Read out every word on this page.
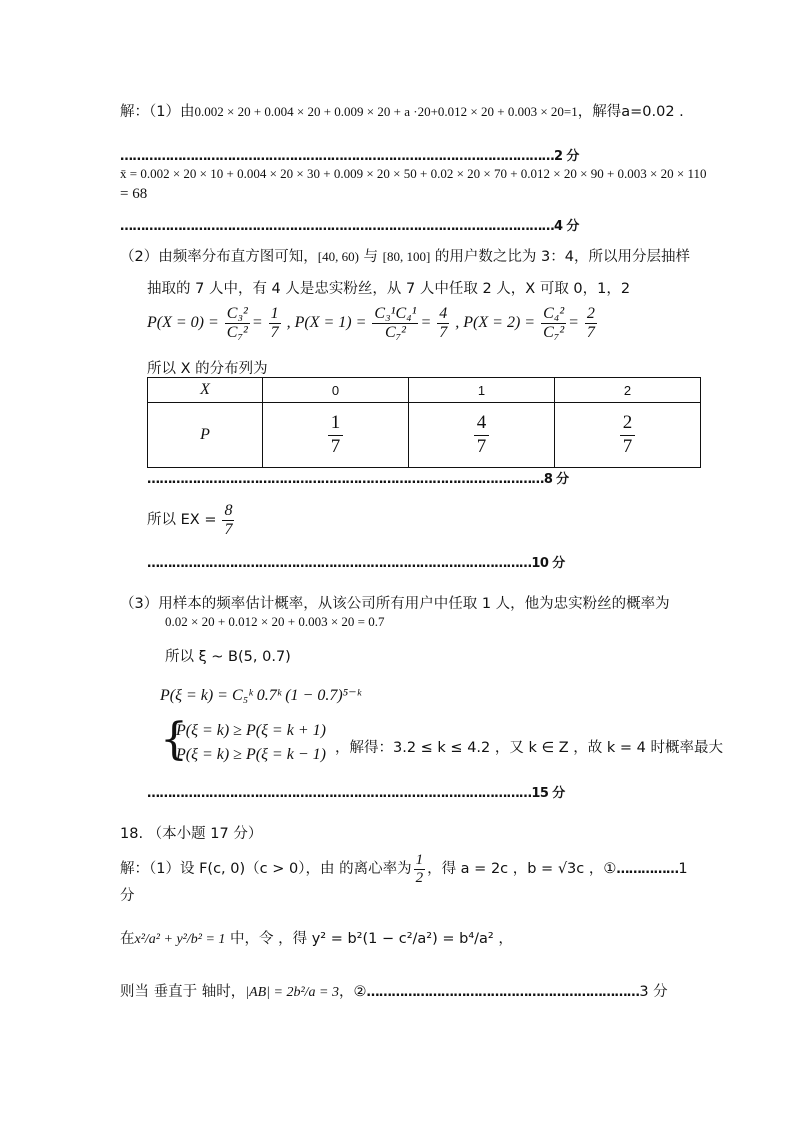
解：（1）由0.002 × 20 + 0.004 × 20 + 0.009 × 20 + a ·20+0.012 × 20 + 0.003 × 20=1，解得a=0.02 .
……………………………………………………………………………………………2 分
x̄ = 0.002 × 20 × 10 + 0.004 × 20 × 30 + 0.009 × 20 × 50 + 0.02 × 20 × 70 + 0.012 × 20 × 90 + 0.003 × 20 × 110
= 68
……………………………………………………………………………………………4 分
（2）由频率分布直方图可知，[40, 60) 与 [80, 100] 的用户数之比为 3：4，所以用分层抽样
抽取的 7 人中，有 4 人是忠实粉丝，从 7 人中任取 2 人，X 可取 0，1，2
$P(X = 0) = \frac{\text{C₃²}}{\text{C₇²}} = \frac{1}{7}$ , $P(X = 1) = \frac{\text{C₃¹C₄¹}}{\text{C₇²}} = \frac{4}{7}$ , $P(X = 2) = \frac{\text{C₄²}}{\text{C₇²}} = \frac{2}{7}$
所以 X 的分布列为
X	0	1	2
P	$\frac{1}{7}$	$\frac{4}{7}$	$\frac{2}{7}$
……………………………………………………………………………………8 分
所以 EX = $\frac{8}{7}$
…………………………………………………………………………………10 分
（3）用样本的频率估计概率，从该公司所有用户中任取 1 人，他为忠实粉丝的概率为
0.02 × 20 + 0.012 × 20 + 0.003 × 20 = 0.7
所以 ξ ~ B(5, 0.7)
P(ξ = k) = C₅ᵏ 0.7ᵏ (1 − 0.7)⁵⁻ᵏ
{
P(ξ = k) ≥ P(ξ = k + 1)
P(ξ = k) ≥ P(ξ = k − 1) ，解得：3.2 ≤ k ≤ 4.2 ，又 k ∈ Z ，故 k = 4 时概率最大
…………………………………………………………………………………15 分
18. （本小题 17 分）
解：（1）设 F(c, 0)（c > 0），由 的离心率为 $\frac{1}{2}$ ，得 a = 2c ，b = √3c ，①……………1
分
在x²/a² + y²/b² = 1 中，令 ，得 y² = b²(1 − c²/a²) = b⁴/a² ，
则当 垂直于 轴时，|AB| = 2b²/a = 3，②…………………………………………………………3 分
